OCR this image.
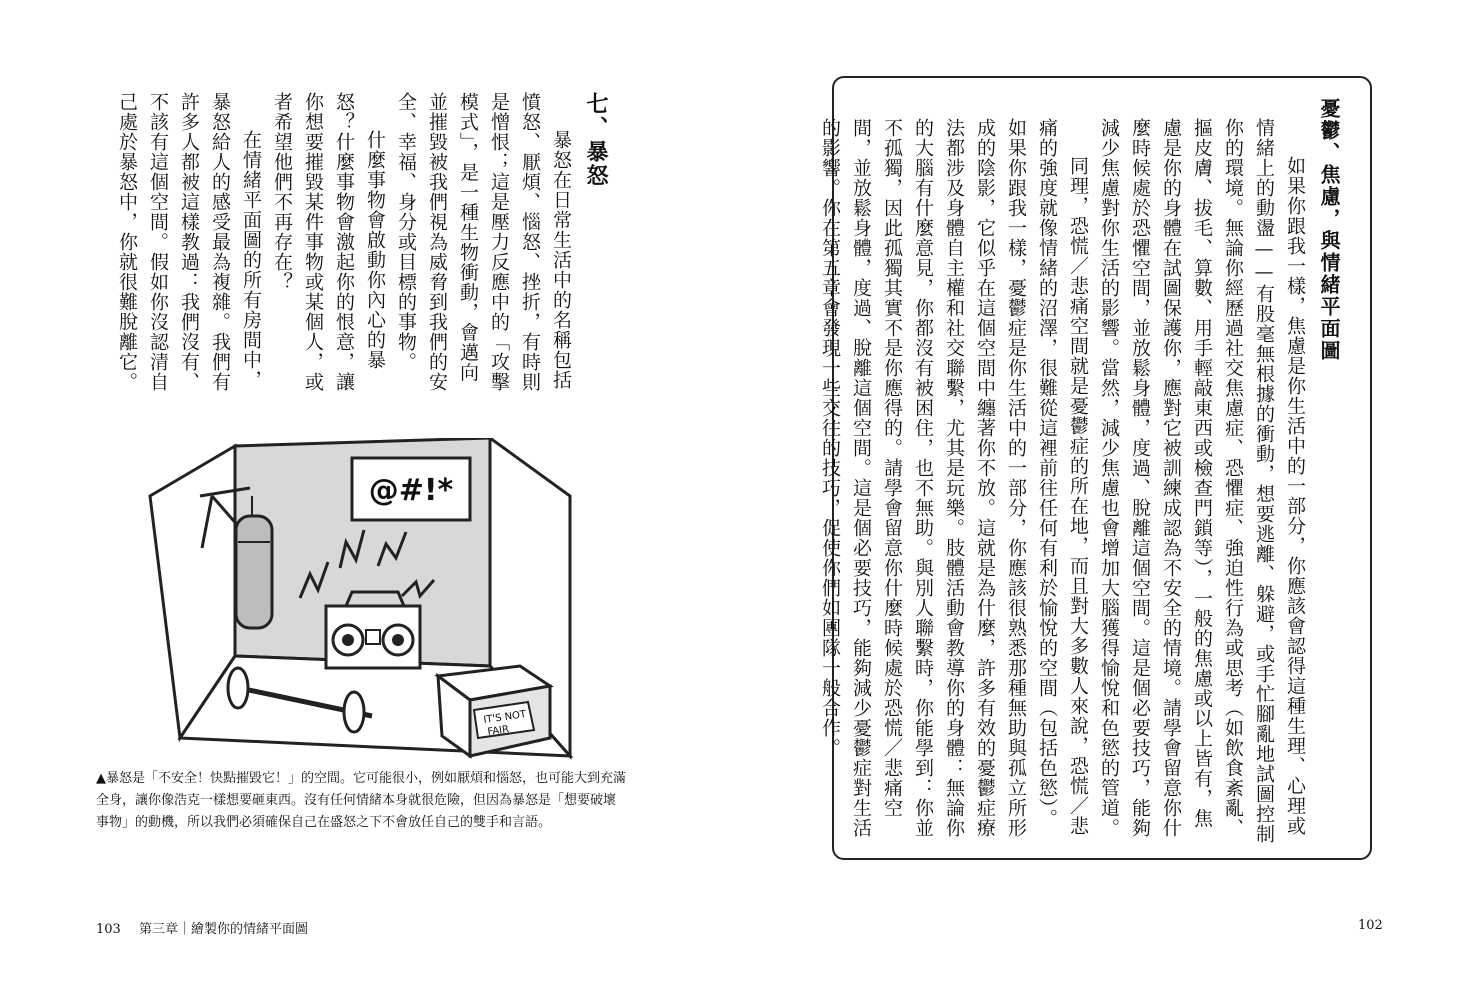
七、暴怒

暴怒在日常生活中的名稱包括憤怒、厭煩、惱怒、挫折，有時則是憎恨；這是壓力反應中的「攻擊模式」，是一種生物衝動，會邁向並摧毀被我們視為威脅到我們的安全、幸福、身分或目標的事物。

什麼事物會啟動你內心的暴怒？什麼事物會激起你的恨意，讓你想要摧毀某件事物或某個人，或者希望他們不再存在？

在情緒平面圖的所有房間中，暴怒給人的感受最為複雜。我們有許多人都被這樣教過：我們沒有、不該有這個空間。假如你沒認清自己處於暴怒中，你就很難脫離它。

@#!*
IT'S NOT
FAIR
▲暴怒是「不安全！快點摧毀它！」的空間。它可能很小，例如厭煩和惱怒，也可能大到充滿全身，讓你像浩克一樣想要砸東西。沒有任何情緒本身就很危險，但因為暴怒是「想要破壞事物」的動機，所以我們必須確保自己在盛怒之下不會放任自己的雙手和言語。
103 第三章｜繪製你的情緒平面圖
憂鬱、焦慮，與情緒平面圖

如果你跟我一樣，焦慮是你生活中的一部分，你應該會認得這種生理、心理或情緒上的動盪——有股毫無根據的衝動，想要逃離、躲避，或手忙腳亂地試圖控制你的環境。無論你經歷過社交焦慮症、恐懼症、強迫性行為或思考（如飲食紊亂、摳皮膚、拔毛、算數、用手輕敲東西或檢查門鎖等），一般的焦慮或以上皆有，焦慮是你的身體在試圖保護你，應對它被訓練成認為不安全的情境。請學會留意你什麼時候處於恐懼空間，並放鬆身體，度過、脫離這個空間。這是個必要技巧，能夠減少焦慮對你生活的影響。當然，減少焦慮也會增加大腦獲得愉悅和色慾的管道。

同理，恐慌／悲痛空間就是憂鬱症的所在地，而且對大多數人來說，恐慌／悲痛的強度就像情緒的沼澤，很難從這裡前往任何有利於愉悅的空間（包括色慾）。如果你跟我一樣，憂鬱症是你生活中的一部分，你應該很熟悉那種無助與孤立所形成的陰影，它似乎在這個空間中纏著你不放。這就是為什麼，許多有效的憂鬱症療法都涉及身體自主權和社交聯繫，尤其是玩樂。肢體活動會教導你的身體：無論你的大腦有什麼意見，你都沒有被困住，也不無助。與別人聯繫時，你能學到：你並不孤獨，因此孤獨其實不是你應得的。請學會留意你什麼時候處於恐慌／悲痛空間，並放鬆身體，度過、脫離這個空間。這是個必要技巧，能夠減少憂鬱症對生活的影響。你在第五章會發現一些交往的技巧，促使你們如團隊一般合作。

102
